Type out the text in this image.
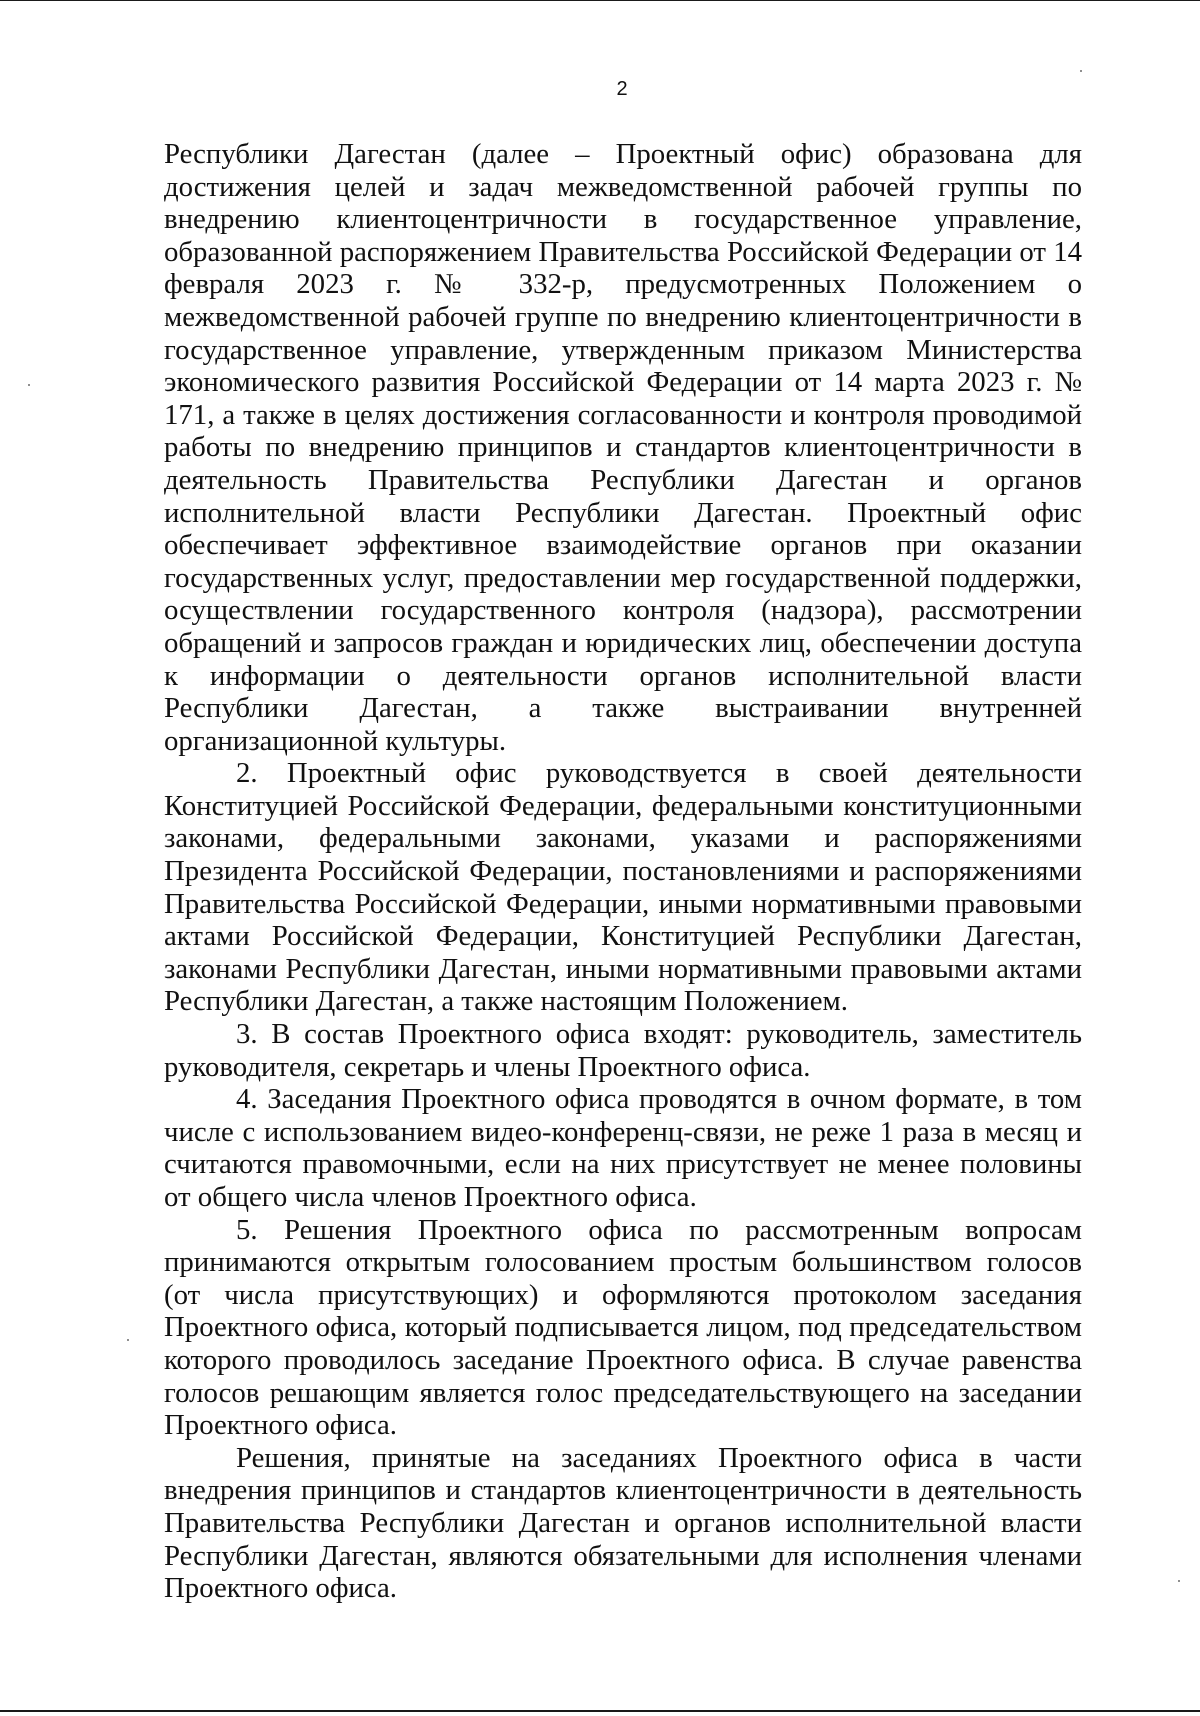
2

Республики Дагестан (далее – Проектный офис) образована для достижения целей и задач межведомственной рабочей группы по внедрению клиентоцентричности в государственное управление, образованной распоряжением Правительства Российской Федерации от 14 февраля 2023 г. № 332-р, предусмотренных Положением о межведомственной рабочей группе по внедрению клиентоцентричности в государственное управление, утвержденным приказом Министерства экономического развития Российской Федерации от 14 марта 2023 г. № 171, а также в целях достижения согласованности и контроля проводимой работы по внедрению принципов и стандартов клиентоцентричности в деятельность Правительства Республики Дагестан и органов исполнительной власти Республики Дагестан. Проектный офис обеспечивает эффективное взаимодействие органов при оказании государственных услуг, предоставлении мер государственной поддержки, осуществлении государственного контроля (надзора), рассмотрении обращений и запросов граждан и юридических лиц, обеспечении доступа к информации о деятельности органов исполнительной власти Республики Дагестан, а также выстраивании внутренней организационной культуры.

2. Проектный офис руководствуется в своей деятельности Конституцией Российской Федерации, федеральными конституционными законами, федеральными законами, указами и распоряжениями Президента Российской Федерации, постановлениями и распоряжениями Правительства Российской Федерации, иными нормативными правовыми актами Российской Федерации, Конституцией Республики Дагестан, законами Республики Дагестан, иными нормативными правовыми актами Республики Дагестан, а также настоящим Положением.

3. В состав Проектного офиса входят: руководитель, заместитель руководителя, секретарь и члены Проектного офиса.

4. Заседания Проектного офиса проводятся в очном формате, в том числе с использованием видео-конференц-связи, не реже 1 раза в месяц и считаются правомочными, если на них присутствует не менее половины от общего числа членов Проектного офиса.

5. Решения Проектного офиса по рассмотренным вопросам принимаются открытым голосованием простым большинством голосов (от числа присутствующих) и оформляются протоколом заседания Проектного офиса, который подписывается лицом, под председательством которого проводилось заседание Проектного офиса. В случае равенства голосов решающим является голос председательствующего на заседании Проектного офиса.

Решения, принятые на заседаниях Проектного офиса в части внедрения принципов и стандартов клиентоцентричности в деятельность Правительства Республики Дагестан и органов исполнительной власти Республики Дагестан, являются обязательными для исполнения членами Проектного офиса.
